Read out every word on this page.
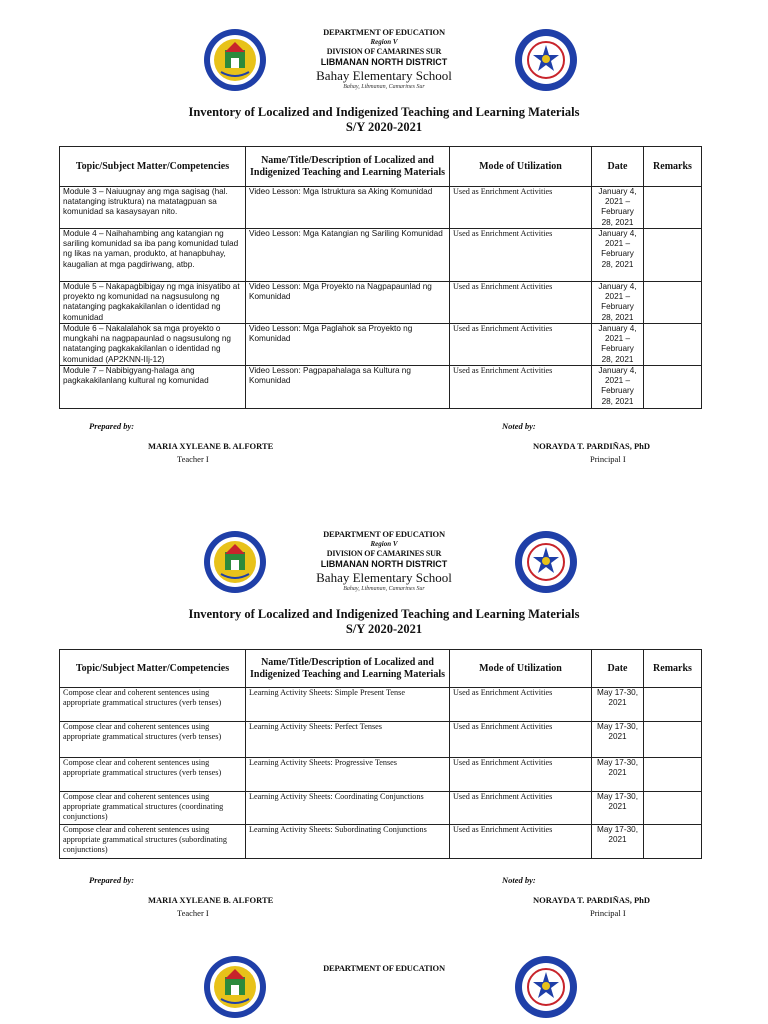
DEPARTMENT OF EDUCATION
Region V
DIVISION OF CAMARINES SUR
LIBMANAN NORTH DISTRICT
Bahay Elementary School
Bahay, Libmanan, Camarines Sur
Inventory of Localized and Indigenized Teaching and Learning Materials
S/Y 2020-2021
Topic/Subject Matter/Competencies	Name/Title/Description of Localized and Indigenized Teaching and Learning Materials	Mode of Utilization	Date	Remarks
Module 3 – Naiuugnay ang mga sagisag (hal. natatanging istruktura) na matatagpuan sa komunidad sa kasaysayan nito.	Video Lesson: Mga Istruktura sa Aking Komunidad	Used as Enrichment Activities	January 4, 2021 – February 28, 2021	
Module 4 – Naihahambing ang katangian ng sariling komunidad sa iba pang komunidad tulad ng likas na yaman, produkto, at hanapbuhay, kaugalian at mga pagdiriwang, atbp.	Video Lesson: Mga Katangian ng Sariling Komunidad	Used as Enrichment Activities	January 4, 2021 – February 28, 2021	
Module 5 – Nakapagbibigay ng mga inisyatibo at proyekto ng komunidad na nagsusulong ng natatanging pagkakakilanlan o identidad ng komunidad	Video Lesson: Mga Proyekto na Nagpapaunlad ng Komunidad	Used as Enrichment Activities	January 4, 2021 – February 28, 2021	
Module 6 – Nakalalahok sa mga proyekto o mungkahi na nagpapaunlad o nagsusulong ng natatanging pagkakakilanlan o identidad ng komunidad (AP2KNN-IIj-12)	Video Lesson: Mga Paglahok sa Proyekto ng Komunidad	Used as Enrichment Activities	January 4, 2021 – February 28, 2021	
Module 7 – Nabibigyang-halaga ang pagkakakilanlang kultural ng komunidad	Video Lesson: Pagpapahalaga sa Kultura ng Komunidad	Used as Enrichment Activities	January 4, 2021 – February 28, 2021	
Prepared by:
MARIA XYLEANE B. ALFORTE
Teacher I
Noted by:
NORAYDA T. PARDIÑAS, PhD
Principal I
DEPARTMENT OF EDUCATION
Region V
DIVISION OF CAMARINES SUR
LIBMANAN NORTH DISTRICT
Bahay Elementary School
Bahay, Libmanan, Camarines Sur
Inventory of Localized and Indigenized Teaching and Learning Materials
S/Y 2020-2021
Topic/Subject Matter/Competencies	Name/Title/Description of Localized and Indigenized Teaching and Learning Materials	Mode of Utilization	Date	Remarks
Compose clear and coherent sentences using appropriate grammatical structures (verb tenses)	Learning Activity Sheets: Simple Present Tense	Used as Enrichment Activities	May 17-30, 2021	
Compose clear and coherent sentences using appropriate grammatical structures (verb tenses)	Learning Activity Sheets: Perfect Tenses	Used as Enrichment Activities	May 17-30, 2021	
Compose clear and coherent sentences using appropriate grammatical structures (verb tenses)	Learning Activity Sheets: Progressive Tenses	Used as Enrichment Activities	May 17-30, 2021	
Compose clear and coherent sentences using appropriate grammatical structures (coordinating conjunctions)	Learning Activity Sheets: Coordinating Conjunctions	Used as Enrichment Activities	May 17-30, 2021	
Compose clear and coherent sentences using appropriate grammatical structures (subordinating conjunctions)	Learning Activity Sheets: Subordinating Conjunctions	Used as Enrichment Activities	May 17-30, 2021	
Prepared by:
MARIA XYLEANE B. ALFORTE
Teacher I
Noted by:
NORAYDA T. PARDIÑAS, PhD
Principal I
DEPARTMENT OF EDUCATION
